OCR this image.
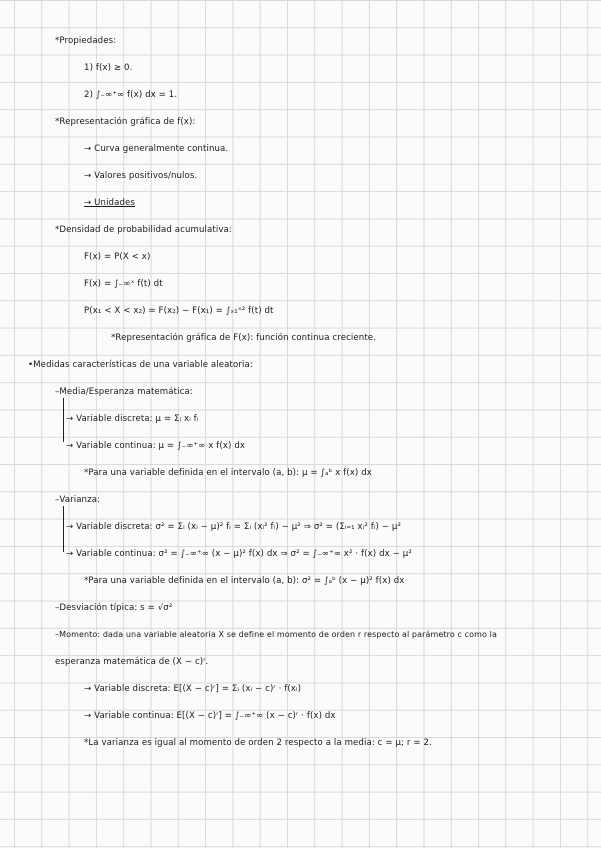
*Propiedades:
1) f(x) ≥ 0.
2) ∫₋∞⁺∞ f(x) dx = 1.
*Representación gráfica de f(x):
→ Curva generalmente continua.
→ Valores positivos/nulos.
→ Unidades
*Densidad de probabilidad acumulativa:
F(x) = P(X < x)
F(x) = ∫₋∞ˣ f(t) dt
P(x₁ < X < x₂) = F(x₂) − F(x₁) = ∫ₓ₁ˣ² f(t) dt
*Representación gráfica de F(x): función continua creciente.
•Medidas características de una variable aleatoria:
–Media/Esperanza matemática:
→ Variable discreta: μ = Σᵢ xᵢ fᵢ
→ Variable continua: μ = ∫₋∞⁺∞ x f(x) dx
*Para una variable definida en el intervalo (a, b): μ = ∫ₐᵇ x f(x) dx
–Varianza:
→ Variable discreta: σ² = Σᵢ (xᵢ − μ)² fᵢ = Σᵢ (xᵢ² fᵢ) − μ² ⇒ σ² = (Σᵢ₌₁ xᵢ² fᵢ) − μ²
→ Variable continua: σ² = ∫₋∞⁺∞ (x − μ)² f(x) dx ⇒ σ² = ∫₋∞⁺∞ x² · f(x) dx − μ²
*Para una variable definida en el intervalo (a, b): σ² = ∫ₐᵇ (x − μ)² f(x) dx
–Desviación típica: s = √σ²
–Momento: dada una variable aleatoria X se define el momento de orden r respecto al parámetro c como la
esperanza matemática de (X − c)ʳ.
→ Variable discreta: E[(X − c)ʳ] = Σᵢ (xᵢ − c)ʳ · f(xᵢ)
→ Variable continua: E[(X − c)ʳ] = ∫₋∞⁺∞ (x − c)ʳ · f(x) dx
*La varianza es igual al momento de orden 2 respecto a la media: c = μ; r = 2.
